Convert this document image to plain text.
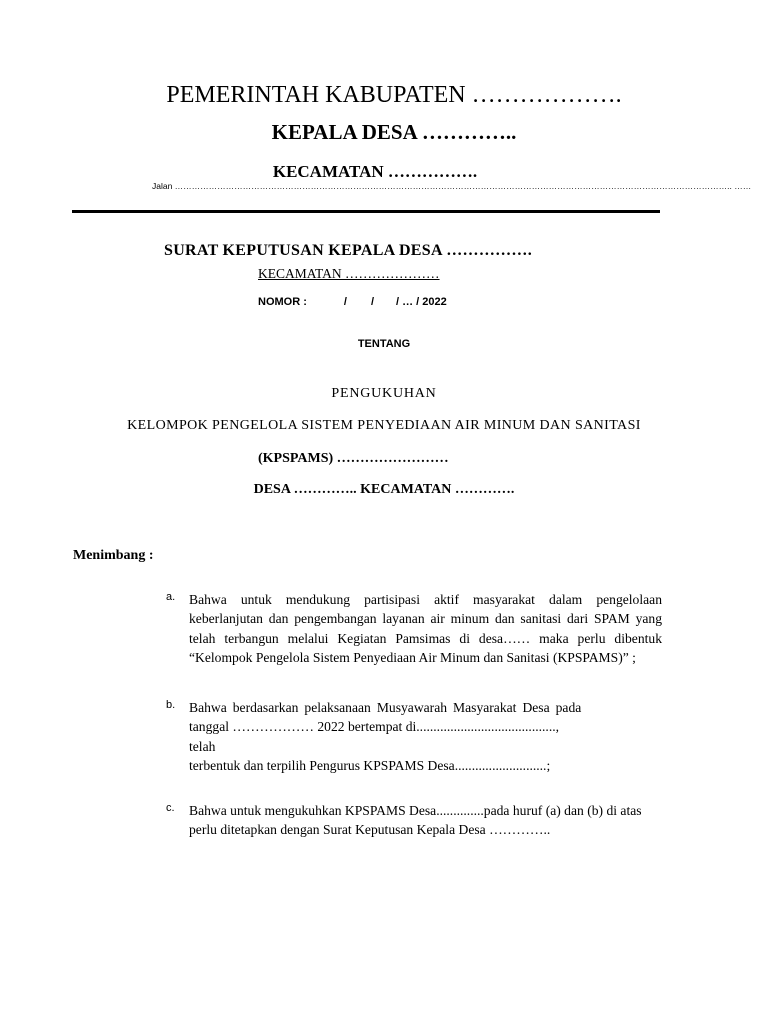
PEMERINTAH KABUPATEN ……………….
KEPALA DESA …………..
KECAMATAN …………….
Jalan …………………………………………………………………………………………………………………………………………………………………………….. ……
SURAT KEPUTUSAN KEPALA DESA …………….
KECAMATAN …………………
NOMOR :	/ / / … / 2022
TENTANG
PENGUKUHAN
KELOMPOK PENGELOLA SISTEM PENYEDIAAN AIR MINUM DAN SANITASI
(KPSPAMS) ……………………
DESA ………….. KECAMATAN ………….
Menimbang :
a. Bahwa untuk mendukung partisipasi aktif masyarakat dalam pengelolaan keberlanjutan dan pengembangan layanan air minum dan sanitasi dari SPAM yang telah terbangun melalui Kegiatan Pamsimas di desa…… maka perlu dibentuk “Kelompok Pengelola Sistem Penyediaan Air Minum dan Sanitasi (KPSPAMS)” ;
b. Bahwa berdasarkan pelaksanaan Musyawarah Masyarakat Desa pada
tanggal ……………… 2022 bertempat di.........................................,
telah
terbentuk dan terpilih Pengurus KPSPAMS Desa...........................;
c. Bahwa untuk mengukuhkan KPSPAMS Desa..............pada huruf (a) dan (b) di atas perlu ditetapkan dengan Surat Keputusan Kepala Desa …………..
